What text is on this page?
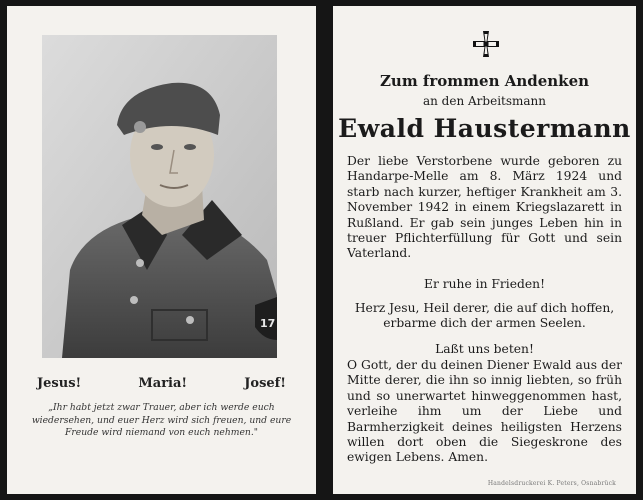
17
Jesus!	Maria!	Josef!
„Ihr habt jetzt zwar Trauer, aber ich werde euch wiedersehen, und euer Herz wird sich freuen, und eure Freude wird niemand von euch nehmen."
Zum frommen Andenken
an den Arbeitsmann
Ewald Haustermann
Der liebe Verstorbene wurde geboren zu Handarpe-Melle am 8. März 1924 und starb nach kurzer, heftiger Krankheit am 3. November 1942 in einem Kriegslazarett in Rußland. Er gab sein junges Leben hin in treuer Pflichterfüllung für Gott und sein Vaterland.
Er ruhe in Frieden!
Herz Jesu, Heil derer, die auf dich hoffen, erbarme dich der armen Seelen.
Laßt uns beten!
O Gott, der du deinen Diener Ewald aus der Mitte derer, die ihn so innig liebten, so früh und so unerwartet hinweggenommen hast, verleihe ihm um der Liebe und Barmherzigkeit deines heiligsten Herzens willen dort oben die Siegeskrone des ewigen Lebens. Amen.
Handelsdruckerei K. Peters, Osnabrück
